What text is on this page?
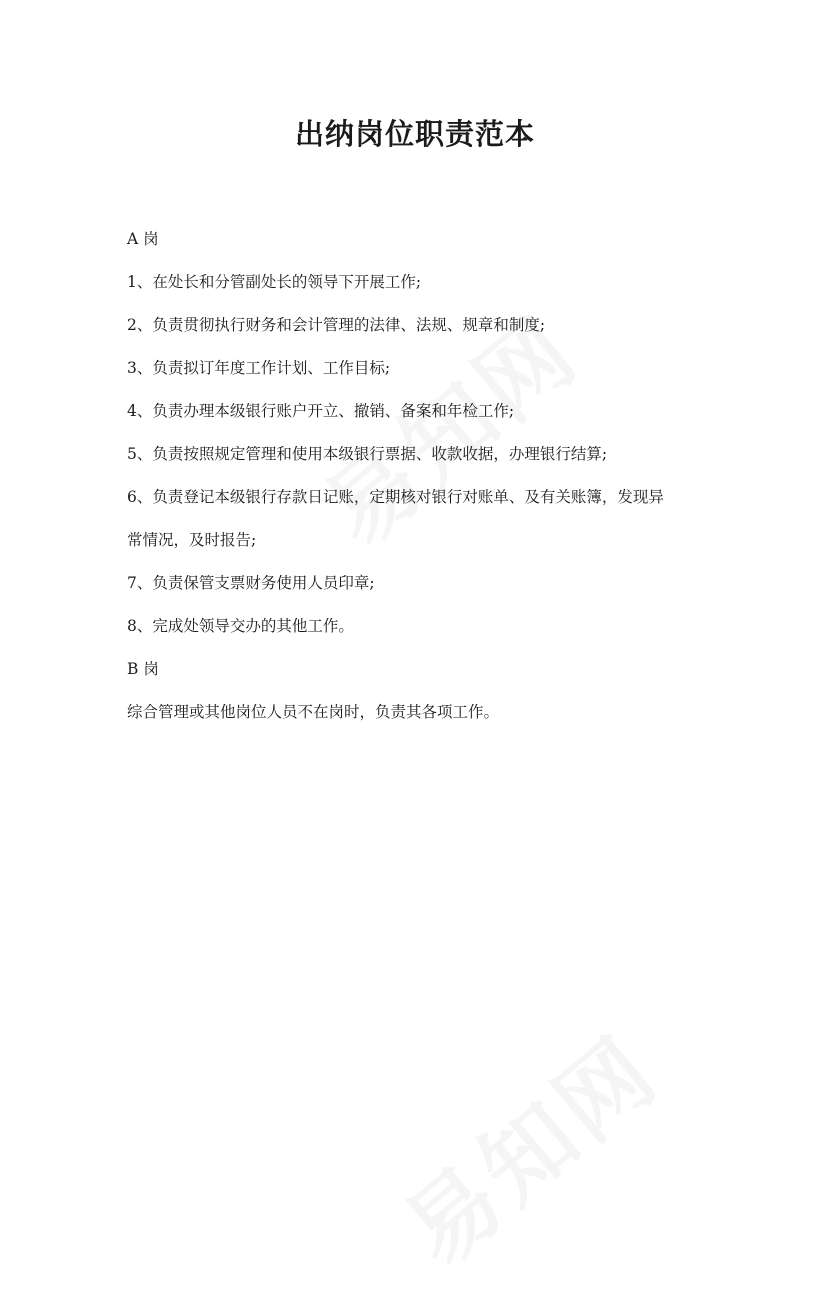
出纳岗位职责范本
A 岗
1、在处长和分管副处长的领导下开展工作;
2、负责贯彻执行财务和会计管理的法律、法规、规章和制度;
3、负责拟订年度工作计划、工作目标;
4、负责办理本级银行账户开立、撤销、备案和年检工作;
5、负责按照规定管理和使用本级银行票据、收款收据，办理银行结算;
6、负责登记本级银行存款日记账，定期核对银行对账单、及有关账簿，发现异
常情况，及时报告;
7、负责保管支票财务使用人员印章;
8、完成处领导交办的其他工作。
B 岗
综合管理或其他岗位人员不在岗时，负责其各项工作。
